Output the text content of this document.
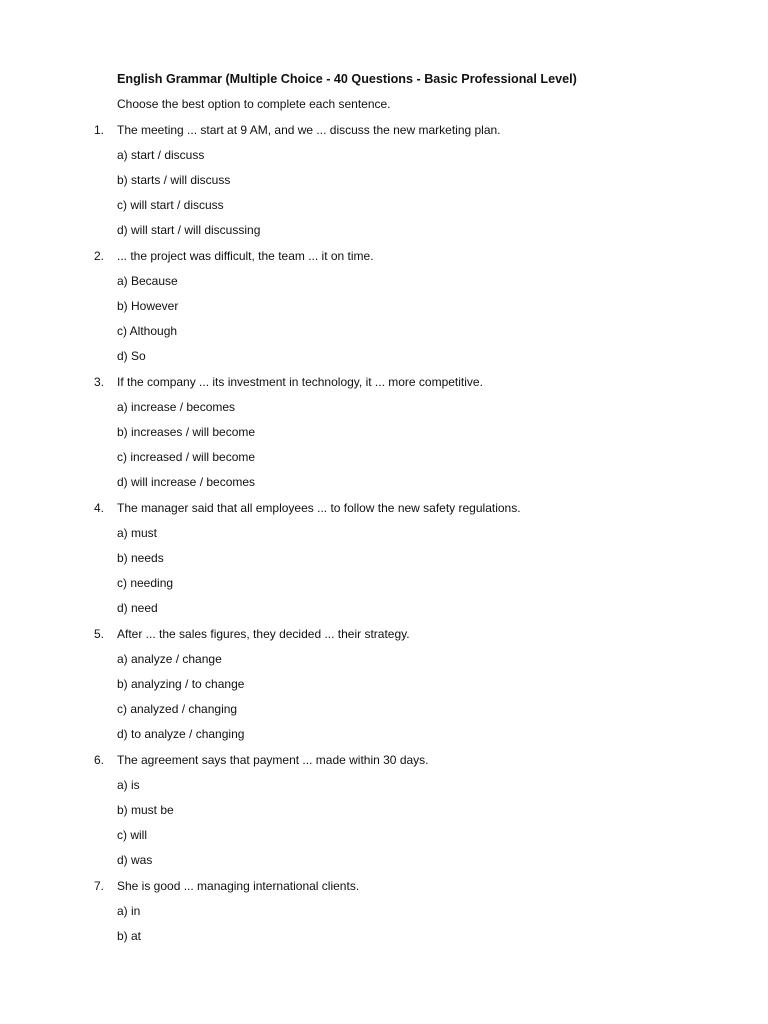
English Grammar (Multiple Choice - 40 Questions - Basic Professional Level)
Choose the best option to complete each sentence.
1. The meeting ... start at 9 AM, and we ... discuss the new marketing plan.
a) start / discuss
b) starts / will discuss
c) will start / discuss
d) will start / will discussing
2. ... the project was difficult, the team ... it on time.
a) Because
b) However
c) Although
d) So
3. If the company ... its investment in technology, it ... more competitive.
a) increase / becomes
b) increases / will become
c) increased / will become
d) will increase / becomes
4. The manager said that all employees ... to follow the new safety regulations.
a) must
b) needs
c) needing
d) need
5. After ... the sales figures, they decided ... their strategy.
a) analyze / change
b) analyzing / to change
c) analyzed / changing
d) to analyze / changing
6. The agreement says that payment ... made within 30 days.
a) is
b) must be
c) will
d) was
7. She is good ... managing international clients.
a) in
b) at
